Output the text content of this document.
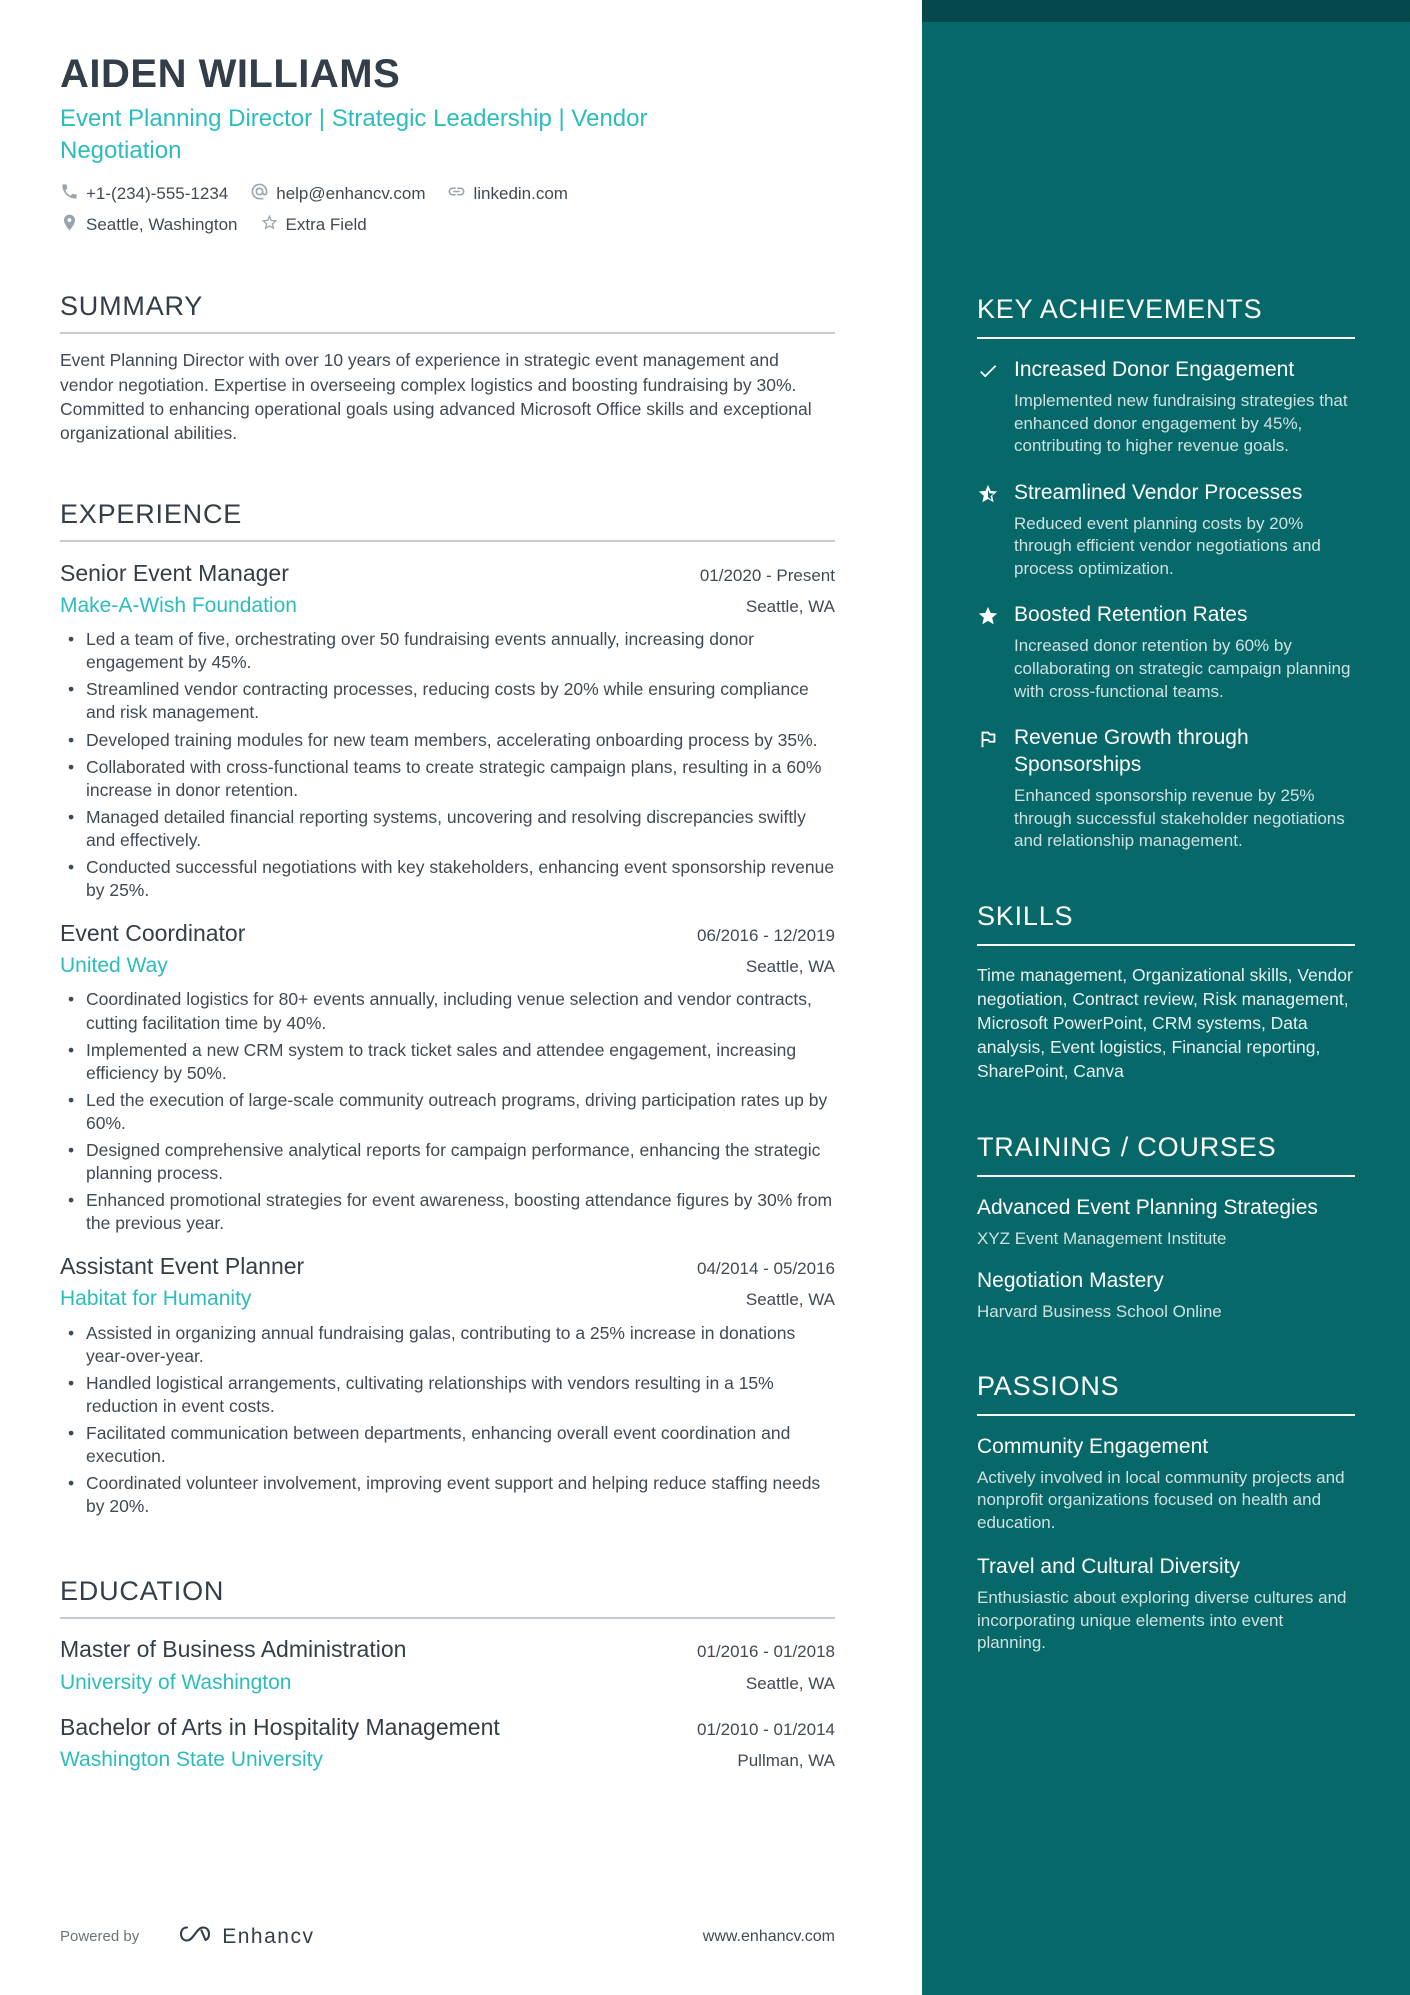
AIDEN WILLIAMS
Event Planning Director | Strategic Leadership | Vendor Negotiation
+1-(234)-555-1234	help@enhancv.com	linkedin.com
Seattle, Washington	Extra Field
SUMMARY

Event Planning Director with over 10 years of experience in strategic event management and vendor negotiation. Expertise in overseeing complex logistics and boosting fundraising by 30%. Committed to enhancing operational goals using advanced Microsoft Office skills and exceptional organizational abilities.

EXPERIENCE
Senior Event Manager	01/2020 - Present
Make-A-Wish Foundation	Seattle, WA
• Led a team of five, orchestrating over 50 fundraising events annually, increasing donor engagement by 45%.
• Streamlined vendor contracting processes, reducing costs by 20% while ensuring compliance and risk management.
• Developed training modules for new team members, accelerating onboarding process by 35%.
• Collaborated with cross-functional teams to create strategic campaign plans, resulting in a 60% increase in donor retention.
• Managed detailed financial reporting systems, uncovering and resolving discrepancies swiftly and effectively.
• Conducted successful negotiations with key stakeholders, enhancing event sponsorship revenue by 25%.
Event Coordinator	06/2016 - 12/2019
United Way	Seattle, WA
• Coordinated logistics for 80+ events annually, including venue selection and vendor contracts, cutting facilitation time by 40%.
• Implemented a new CRM system to track ticket sales and attendee engagement, increasing efficiency by 50%.
• Led the execution of large-scale community outreach programs, driving participation rates up by 60%.
• Designed comprehensive analytical reports for campaign performance, enhancing the strategic planning process.
• Enhanced promotional strategies for event awareness, boosting attendance figures by 30% from the previous year.
Assistant Event Planner	04/2014 - 05/2016
Habitat for Humanity	Seattle, WA
• Assisted in organizing annual fundraising galas, contributing to a 25% increase in donations year-over-year.
• Handled logistical arrangements, cultivating relationships with vendors resulting in a 15% reduction in event costs.
• Facilitated communication between departments, enhancing overall event coordination and execution.
• Coordinated volunteer involvement, improving event support and helping reduce staffing needs by 20%.
EDUCATION
Master of Business Administration	01/2016 - 01/2018
University of Washington	Seattle, WA
Bachelor of Arts in Hospitality Management	01/2010 - 01/2014
Washington State University	Pullman, WA
Powered by	Enhancv	www.enhancv.com
KEY ACHIEVEMENTS
Increased Donor Engagement
Implemented new fundraising strategies that enhanced donor engagement by 45%, contributing to higher revenue goals.
Streamlined Vendor Processes
Reduced event planning costs by 20% through efficient vendor negotiations and process optimization.
Boosted Retention Rates
Increased donor retention by 60% by collaborating on strategic campaign planning with cross-functional teams.
Revenue Growth through Sponsorships
Enhanced sponsorship revenue by 25% through successful stakeholder negotiations and relationship management.
SKILLS

Time management, Organizational skills, Vendor negotiation, Contract review, Risk management, Microsoft PowerPoint, CRM systems, Data analysis, Event logistics, Financial reporting, SharePoint, Canva

TRAINING / COURSES
Advanced Event Planning Strategies
XYZ Event Management Institute
Negotiation Mastery
Harvard Business School Online
PASSIONS
Community Engagement
Actively involved in local community projects and nonprofit organizations focused on health and education.
Travel and Cultural Diversity
Enthusiastic about exploring diverse cultures and incorporating unique elements into event planning.
